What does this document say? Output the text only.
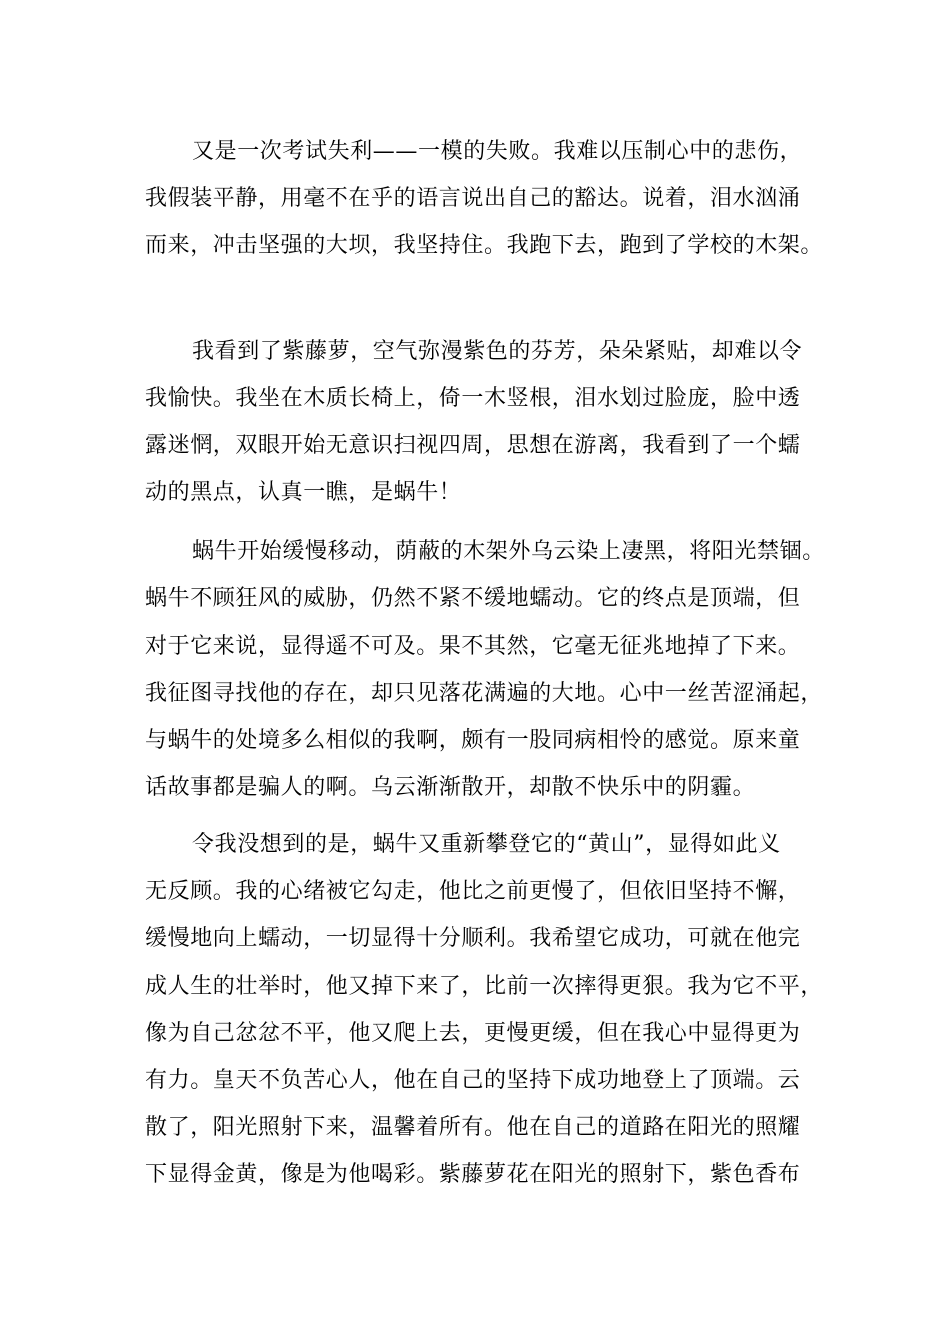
又是一次考试失利——一模的失败。我难以压制心中的悲伤，
我假装平静，用毫不在乎的语言说出自己的豁达。说着，泪水汹涌
而来，冲击坚强的大坝，我坚持住。我跑下去，跑到了学校的木架。
我看到了紫藤萝，空气弥漫紫色的芬芳，朵朵紧贴，却难以令
我愉快。我坐在木质长椅上，倚一木竖根，泪水划过脸庞，脸中透
露迷惘，双眼开始无意识扫视四周，思想在游离，我看到了一个蠕
动的黑点，认真一瞧，是蜗牛！
蜗牛开始缓慢移动，荫蔽的木架外乌云染上凄黑，将阳光禁锢。
蜗牛不顾狂风的威胁，仍然不紧不缓地蠕动。它的终点是顶端，但
对于它来说，显得遥不可及。果不其然，它毫无征兆地掉了下来。
我征图寻找他的存在，却只见落花满遍的大地。心中一丝苦涩涌起，
与蜗牛的处境多么相似的我啊，颇有一股同病相怜的感觉。原来童
话故事都是骗人的啊。乌云渐渐散开，却散不快乐中的阴霾。
令我没想到的是，蜗牛又重新攀登它的“黄山”，显得如此义
无反顾。我的心绪被它勾走，他比之前更慢了，但依旧坚持不懈，
缓慢地向上蠕动，一切显得十分顺利。我希望它成功，可就在他完
成人生的壮举时，他又掉下来了，比前一次摔得更狠。我为它不平，
像为自己忿忿不平，他又爬上去，更慢更缓，但在我心中显得更为
有力。皇天不负苦心人，他在自己的坚持下成功地登上了顶端。云
散了，阳光照射下来，温馨着所有。他在自己的道路在阳光的照耀
下显得金黄，像是为他喝彩。紫藤萝花在阳光的照射下，紫色香布
